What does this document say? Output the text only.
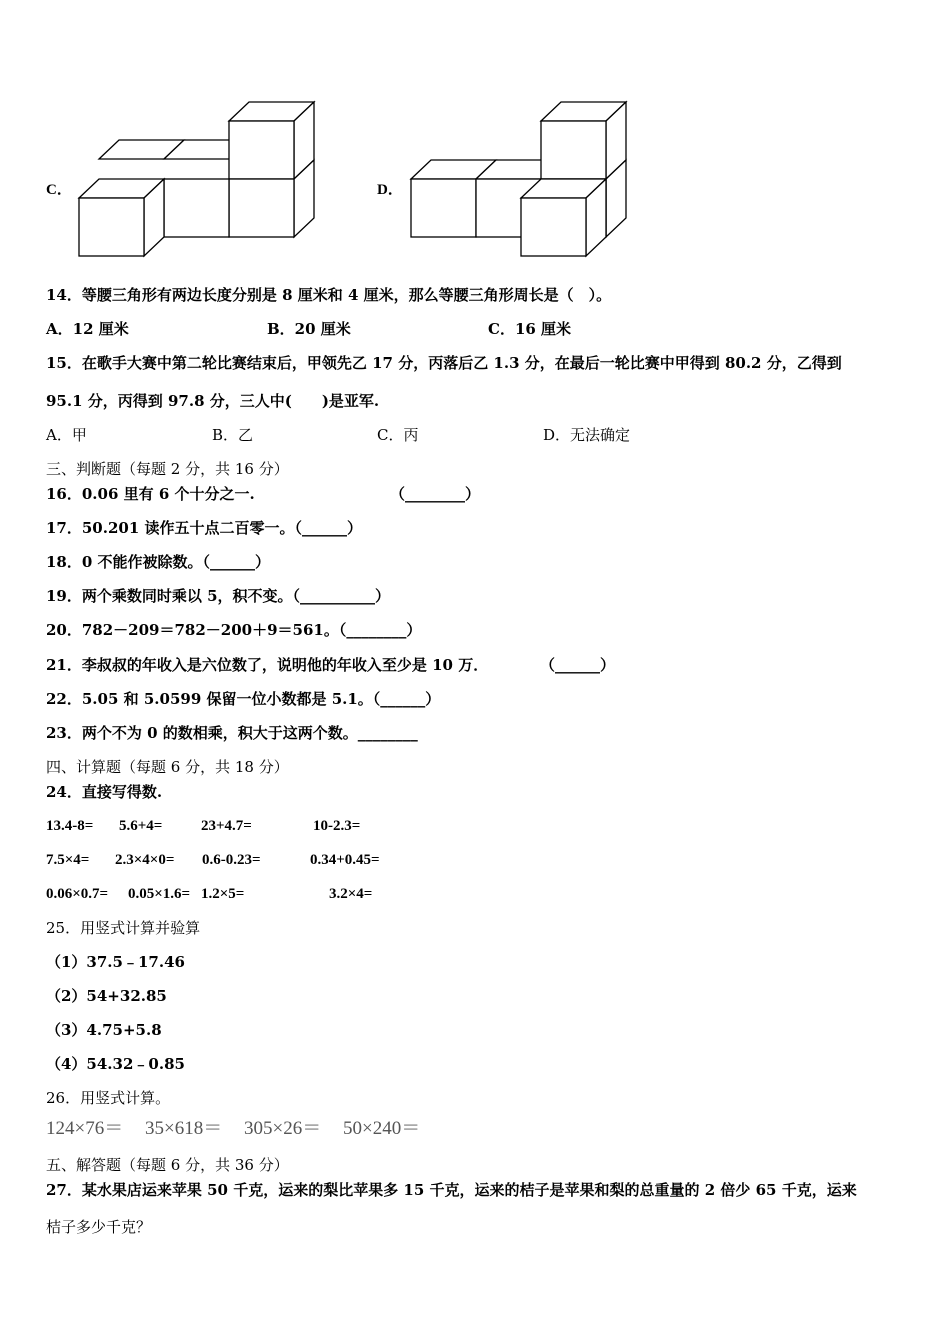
C．	D．
14．等腰三角形有两边长度分别是 8 厘米和 4 厘米，那么等腰三角形周长是（　）。
A．12 厘米	B．20 厘米	C．16 厘米
15．在歌手大赛中第二轮比赛结束后，甲领先乙 17 分，丙落后乙 1.3 分，在最后一轮比赛中甲得到 80.2 分，乙得到
95.1 分，丙得到 97.8 分，三人中(　　)是亚军.
A．甲	B．乙	C．丙	D．无法确定
三、判断题（每题 2 分，共 16 分）
16．0.06 里有 6 个十分之一.	（________）
17．50.201 读作五十点二百零一。（______）
18．0 不能作被除数。（______）
19．两个乘数同时乘以 5，积不变。（__________）
20．782－209＝782－200＋9＝561。（________）
21．李叔叔的年收入是六位数了，说明他的年收入至少是 10 万．	（______）
22．5.05 和 5.0599 保留一位小数都是 5.1。（______）
23．两个不为 0 的数相乘，积大于这两个数。________
四、计算题（每题 6 分，共 18 分）
24．直接写得数.
13.4-8= 5.6+4=	23+4.7=	10-2.3=
7.5×4= 2.3×4×0= 0.6-0.23=	0.34+0.45=
0.06×0.7= 0.05×1.6= 1.2×5=	3.2×4=
25．用竖式计算并验算
（1）37.5﹣17.46
（2）54+32.85
（3）4.75+5.8
（4）54.32﹣0.85
26．用竖式计算。
124×76＝ 35×618＝ 305×26＝ 50×240＝
五、解答题（每题 6 分，共 36 分）
27．某水果店运来苹果 50 千克，运来的梨比苹果多 15 千克，运来的桔子是苹果和梨的总重量的 2 倍少 65 千克，运来
桔子多少千克？
